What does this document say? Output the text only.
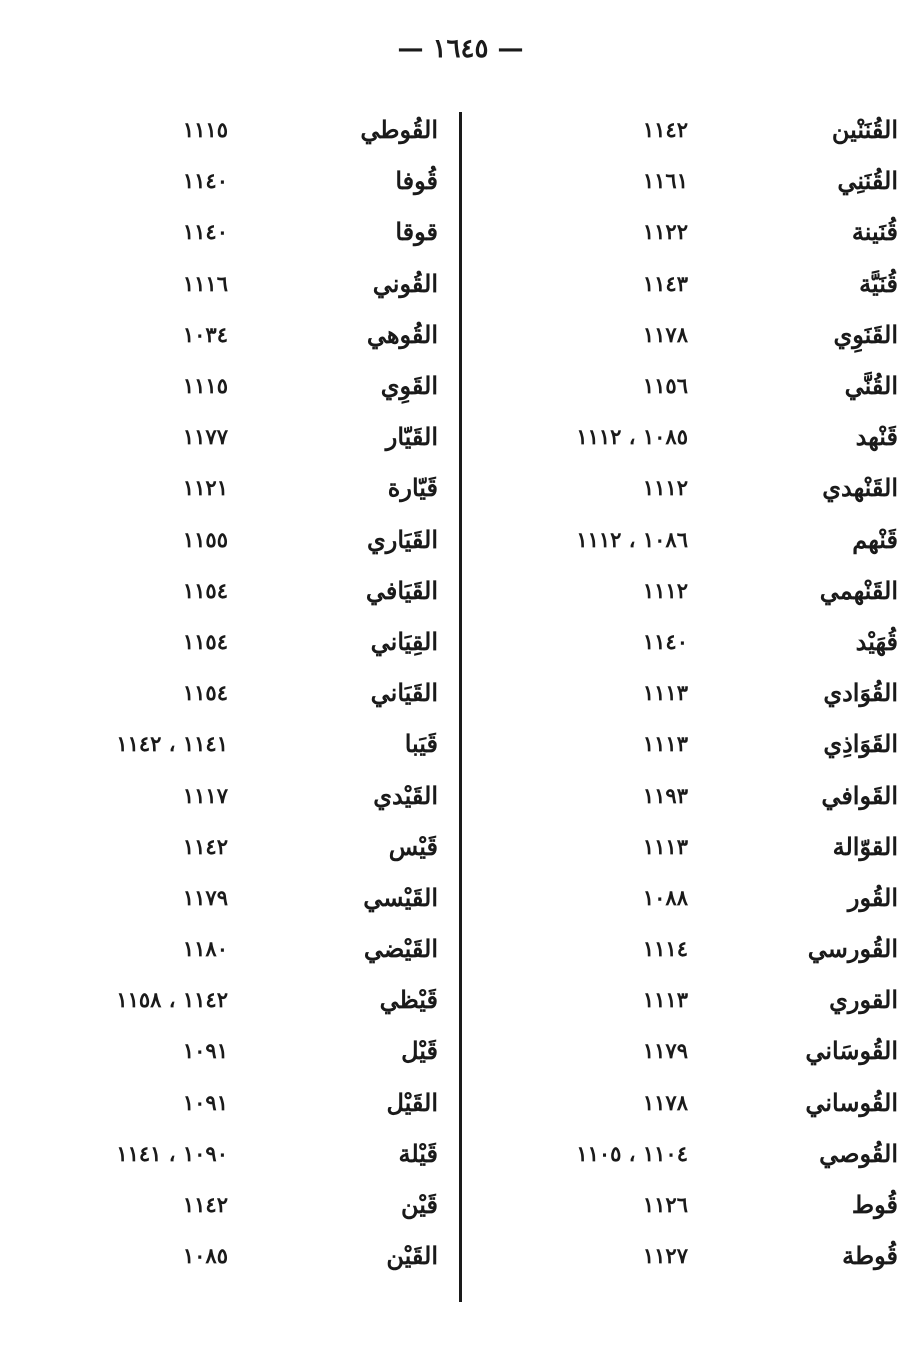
— ١٦٤٥ —
القُنَنْين
١١٤٢
القُنَنِي
١١٦١
قُنَينة
١١٢٢
قُنَيَّة
١١٤٣
القَنَوِي
١١٧٨
القُنَّي
١١٥٦
قَنْهد
١٠٨٥ ، ١١١٢
القَنْهدي
١١١٢
قَنْهم
١٠٨٦ ، ١١١٢
القَنْهمي
١١١٢
قُهَيْد
١١٤٠
القُوَادي
١١١٣
القَوَاذِي
١١١٣
القَوافي
١١٩٣
القوّالة
١١١٣
القُور
١٠٨٨
القُورسي
١١١٤
القوري
١١١٣
القُوسَاني
١١٧٩
القُوساني
١١٧٨
القُوصي
١١٠٤ ، ١١٠٥
قُوط
١١٢٦
قُوطة
١١٢٧
القُوطي
١١١٥
قُوفا
١١٤٠
قوقا
١١٤٠
القُوني
١١١٦
القُوهي
١٠٣٤
القَوِي
١١١٥
القَيّار
١١٧٧
قَيّارة
١١٢١
القَيَاري
١١٥٥
القَيَافي
١١٥٤
القِيَاني
١١٥٤
القَيَاني
١١٥٤
قَيَبا
١١٤١ ، ١١٤٢
القَيْدي
١١١٧
قَيْس
١١٤٢
القَيْسي
١١٧٩
القَيْضي
١١٨٠
قَيْظي
١١٤٢ ، ١١٥٨
قَيْل
١٠٩١
القَيْل
١٠٩١
قَيْلة
١٠٩٠ ، ١١٤١
قَيْن
١١٤٢
القَيْن
١٠٨٥
